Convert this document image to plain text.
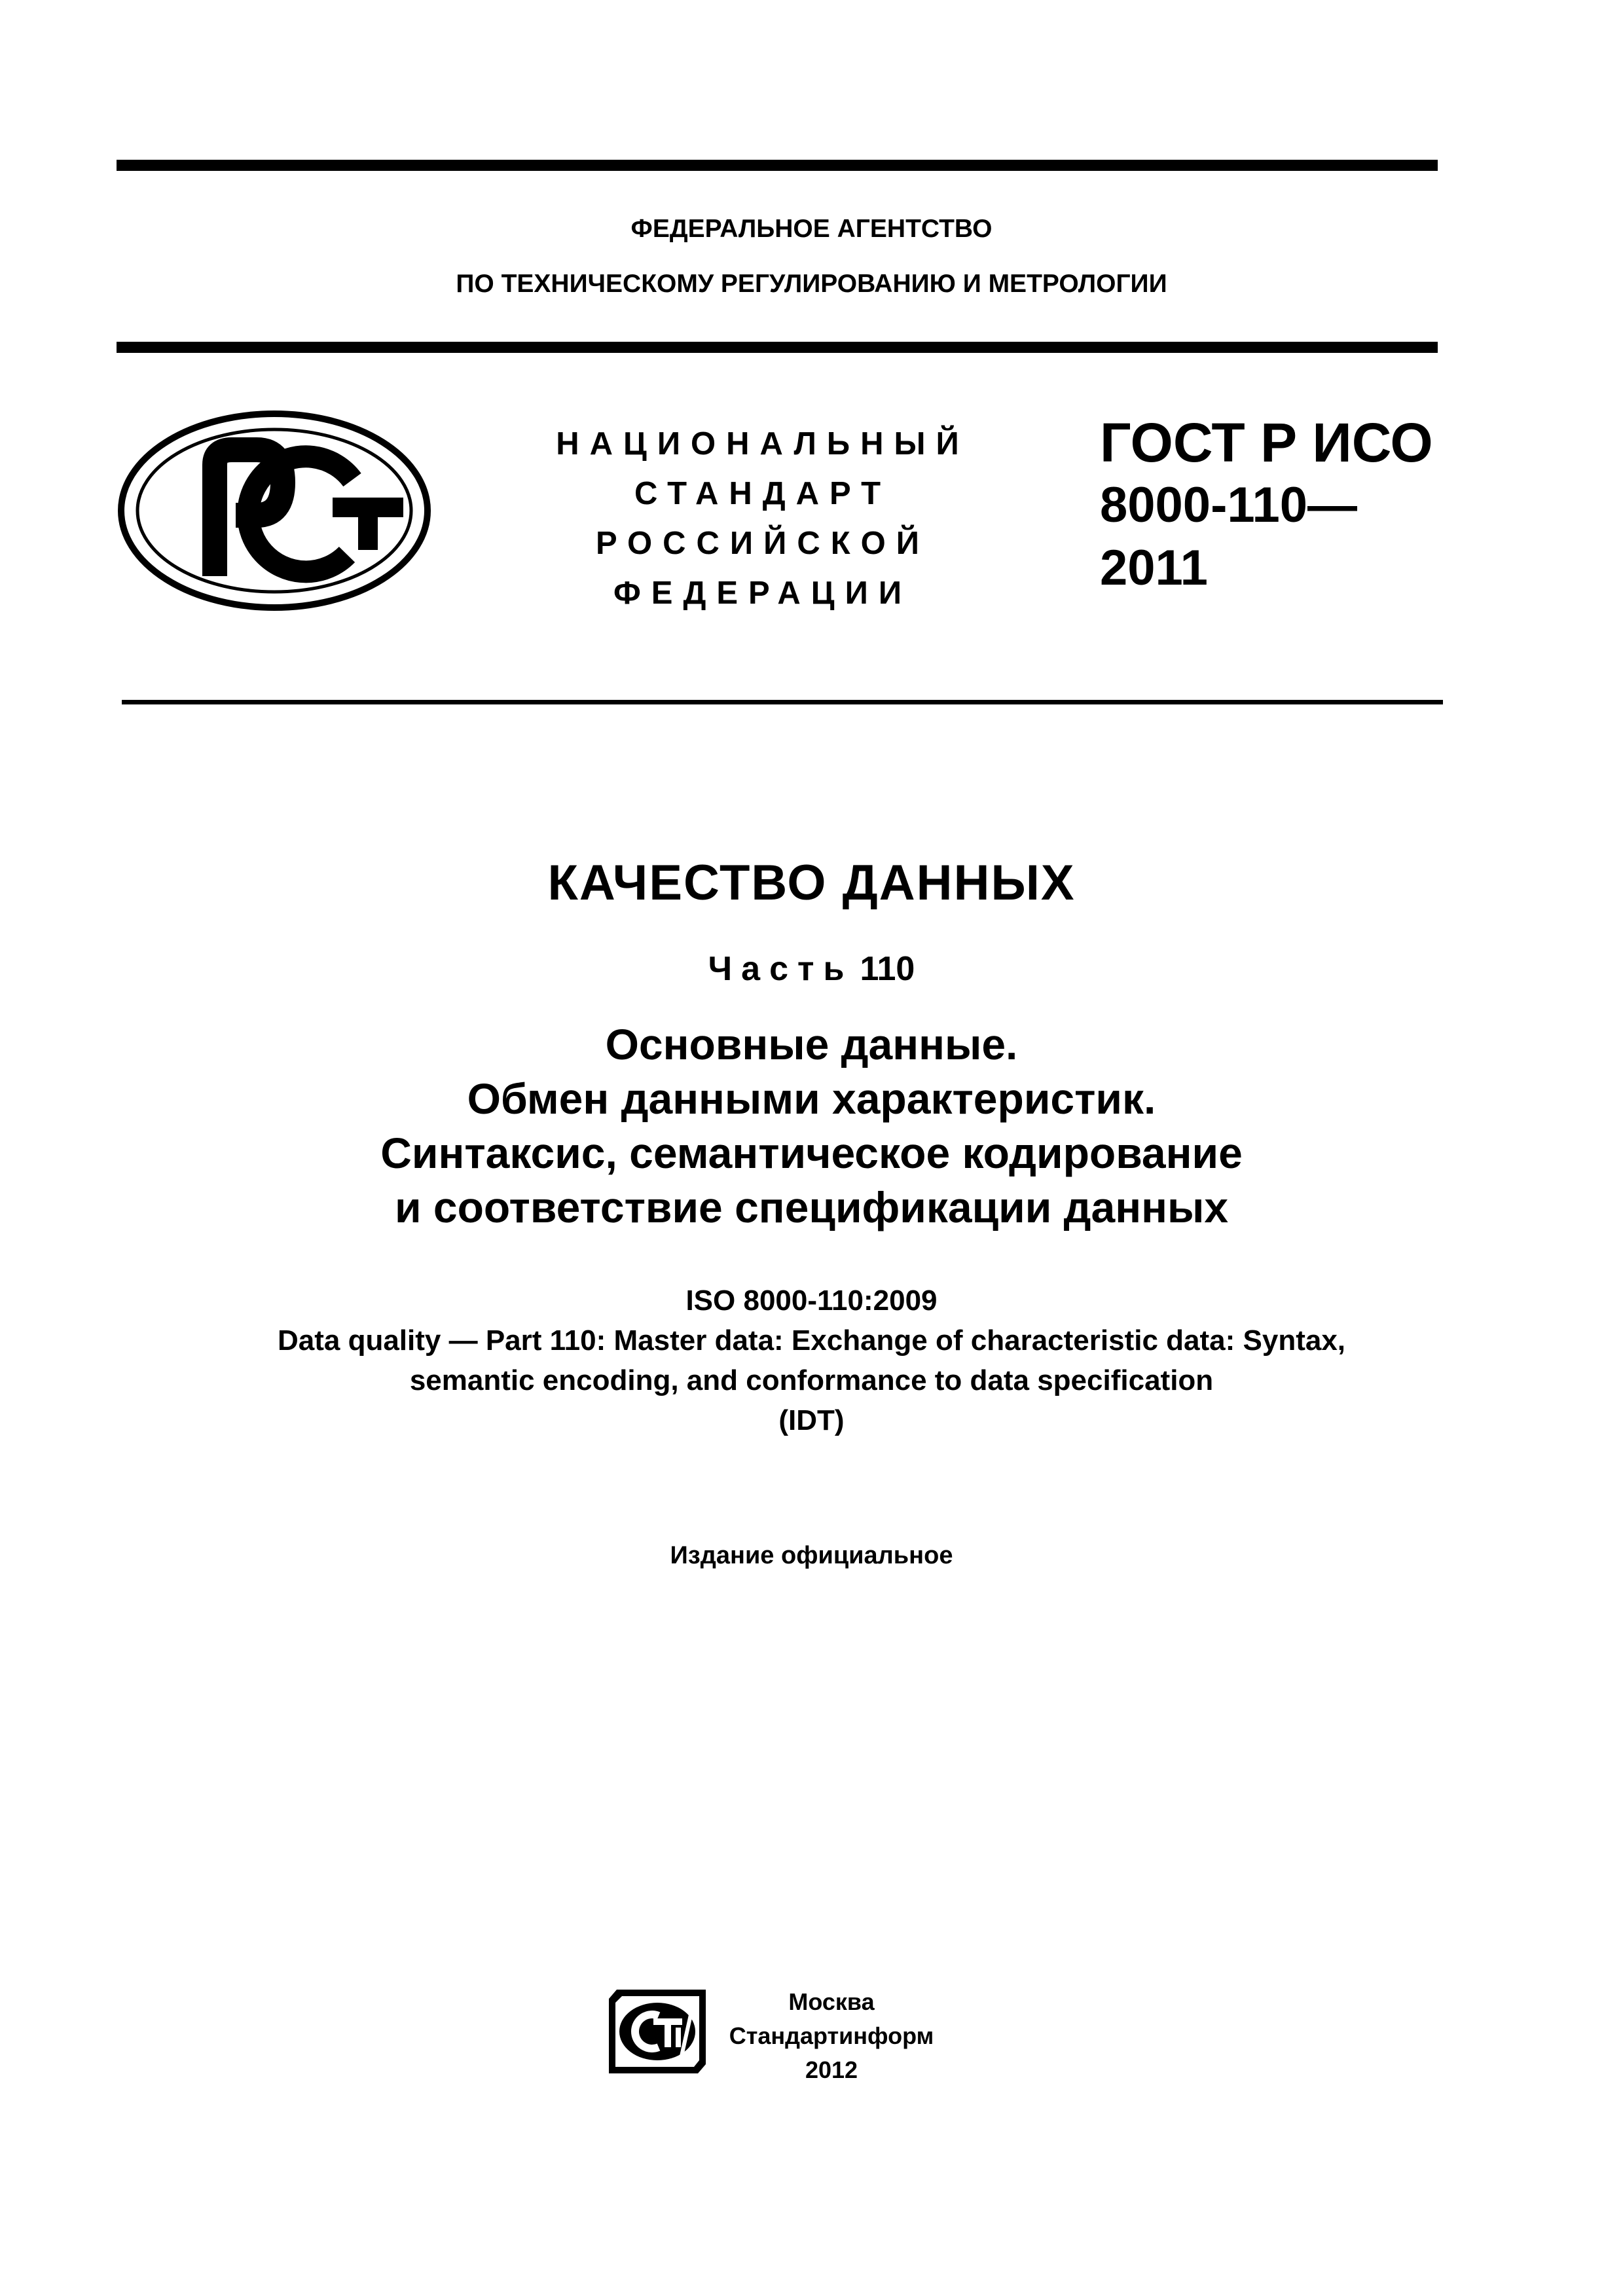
ФЕДЕРАЛЬНОЕ АГЕНТСТВО
ПО ТЕХНИЧЕСКОМУ РЕГУЛИРОВАНИЮ И МЕТРОЛОГИИ
PCT
НАЦИОНАЛЬНЫЙ
СТАНДАРТ
РОССИЙСКОЙ
ФЕДЕРАЦИИ
ГОСТ Р ИСО
8000-110—
2011
КАЧЕСТВО ДАННЫХ
Часть 110
Основные данные.
Обмен данными характеристик.
Синтаксис, семантическое кодирование
и соответствие спецификации данных
ISO 8000-110:2009
Data quality — Part 110: Master data: Exchange of characteristic data: Syntax,
semantic encoding, and conformance to data specification
(IDT)
Издание официальное
Москва
Стандартинформ
2012
